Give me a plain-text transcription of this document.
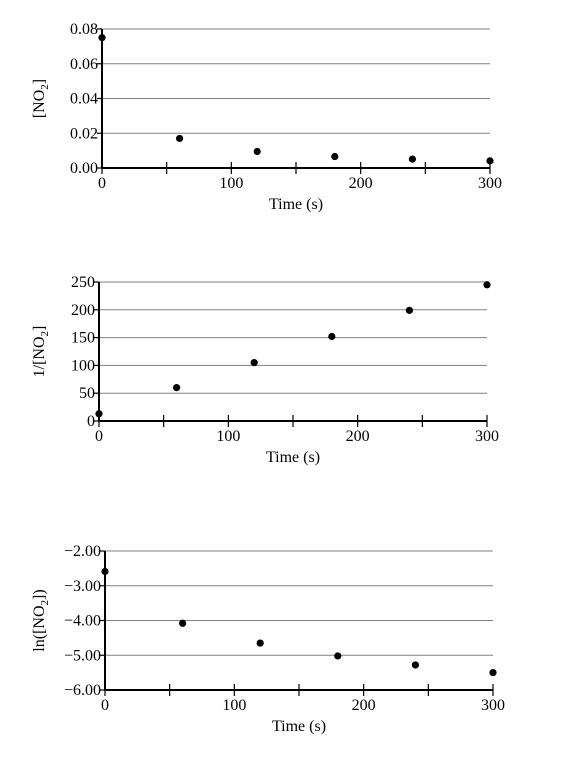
0.00
0.02
0.04
0.06
0.08
0	100	200	300
Time (s)
$[NO_2]$
0
50
100
150
200
250
0	100	200	300
Time (s)
$1/[NO_2]$
−2.00
−3.00
−4.00
−5.00
−6.00
0	100	200	300
Time (s)
$\ln([NO_2])$
